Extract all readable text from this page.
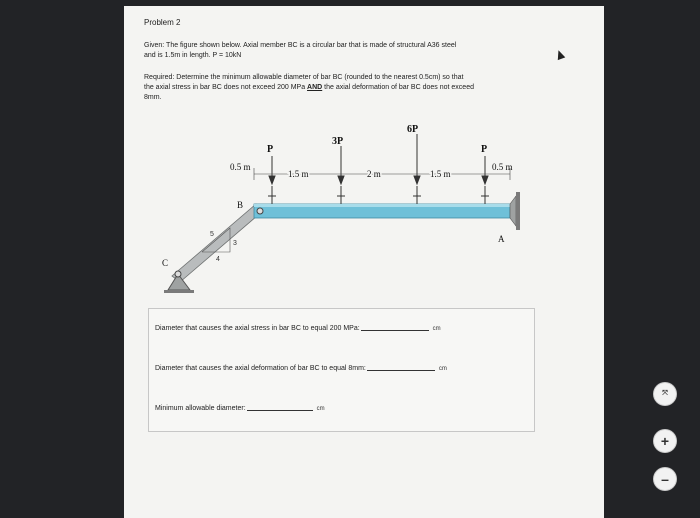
Problem 2
Given: The figure shown below. Axial member BC is a circular bar that is made of structural A36 steel
and is 1.5m in length. P = 10kN
Required: Determine the minimum allowable diameter of bar BC (rounded to the nearest 0.5cm) so that
the axial stress in bar BC does not exceed 200 MPa AND the axial deformation of bar BC does not exceed
8mm.
5
3
4
P
3P
6P
P
0.5 m
1.5 m	2 m	1.5 m
0.5 m
B
C
A
Diameter that causes the axial stress in bar BC to equal 200 MPa:	cm
Diameter that causes the axial deformation of bar BC to equal 8mm:	cm
Minimum allowable diameter:	cm
⤧
+
–
